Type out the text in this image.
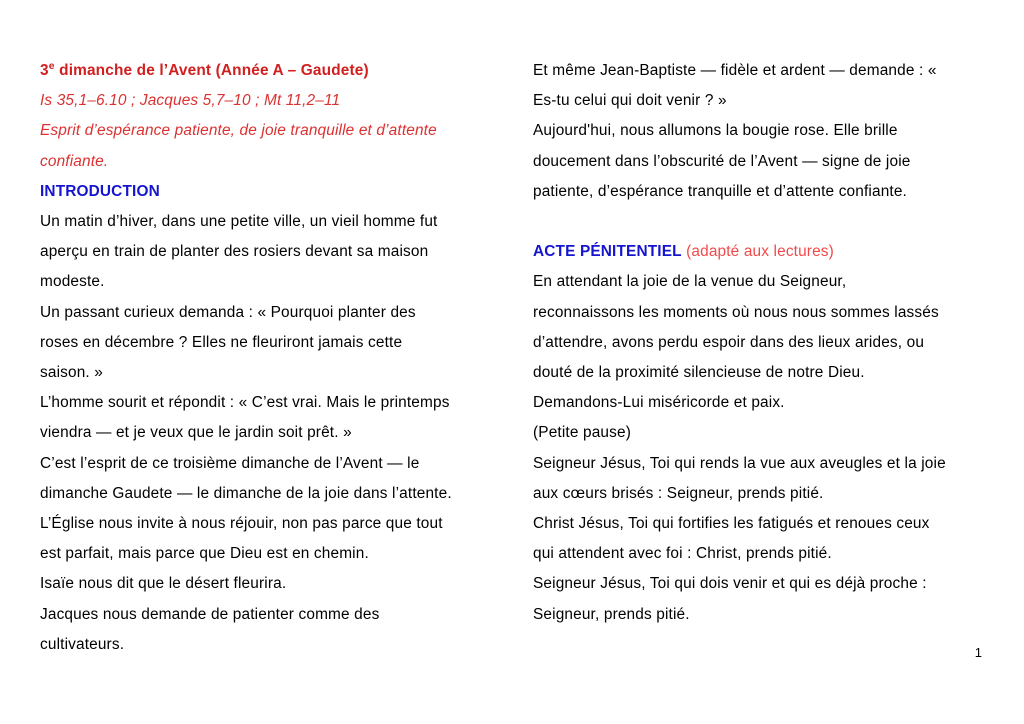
3e dimanche de l’Avent (Année A – Gaudete)
Is 35,1–6.10 ; Jacques 5,7–10 ; Mt 11,2–11
Esprit d’espérance patiente, de joie tranquille et d’attente
confiante.
INTRODUCTION
Un matin d’hiver, dans une petite ville, un vieil homme fut
aperçu en train de planter des rosiers devant sa maison
modeste.
Un passant curieux demanda : « Pourquoi planter des
roses en décembre ? Elles ne fleuriront jamais cette
saison. »
L’homme sourit et répondit : « C’est vrai. Mais le printemps
viendra — et je veux que le jardin soit prêt. »
C’est l’esprit de ce troisième dimanche de l’Avent — le
dimanche Gaudete — le dimanche de la joie dans l’attente.
L’Église nous invite à nous réjouir, non pas parce que tout
est parfait, mais parce que Dieu est en chemin.
Isaïe nous dit que le désert fleurira.
Jacques nous demande de patienter comme des
cultivateurs.
Et même Jean-Baptiste — fidèle et ardent — demande : «
Es-tu celui qui doit venir ? »
Aujourd'hui, nous allumons la bougie rose. Elle brille
doucement dans l’obscurité de l’Avent — signe de joie
patiente, d’espérance tranquille et d’attente confiante.
ACTE PÉNITENTIEL (adapté aux lectures)
En attendant la joie de la venue du Seigneur,
reconnaissons les moments où nous nous sommes lassés
d’attendre, avons perdu espoir dans des lieux arides, ou
douté de la proximité silencieuse de notre Dieu.
Demandons-Lui miséricorde et paix.
(Petite pause)
Seigneur Jésus, Toi qui rends la vue aux aveugles et la joie
aux cœurs brisés : Seigneur, prends pitié.
Christ Jésus, Toi qui fortifies les fatigués et renoues ceux
qui attendent avec foi : Christ, prends pitié.
Seigneur Jésus, Toi qui dois venir et qui es déjà proche :
Seigneur, prends pitié.
1
